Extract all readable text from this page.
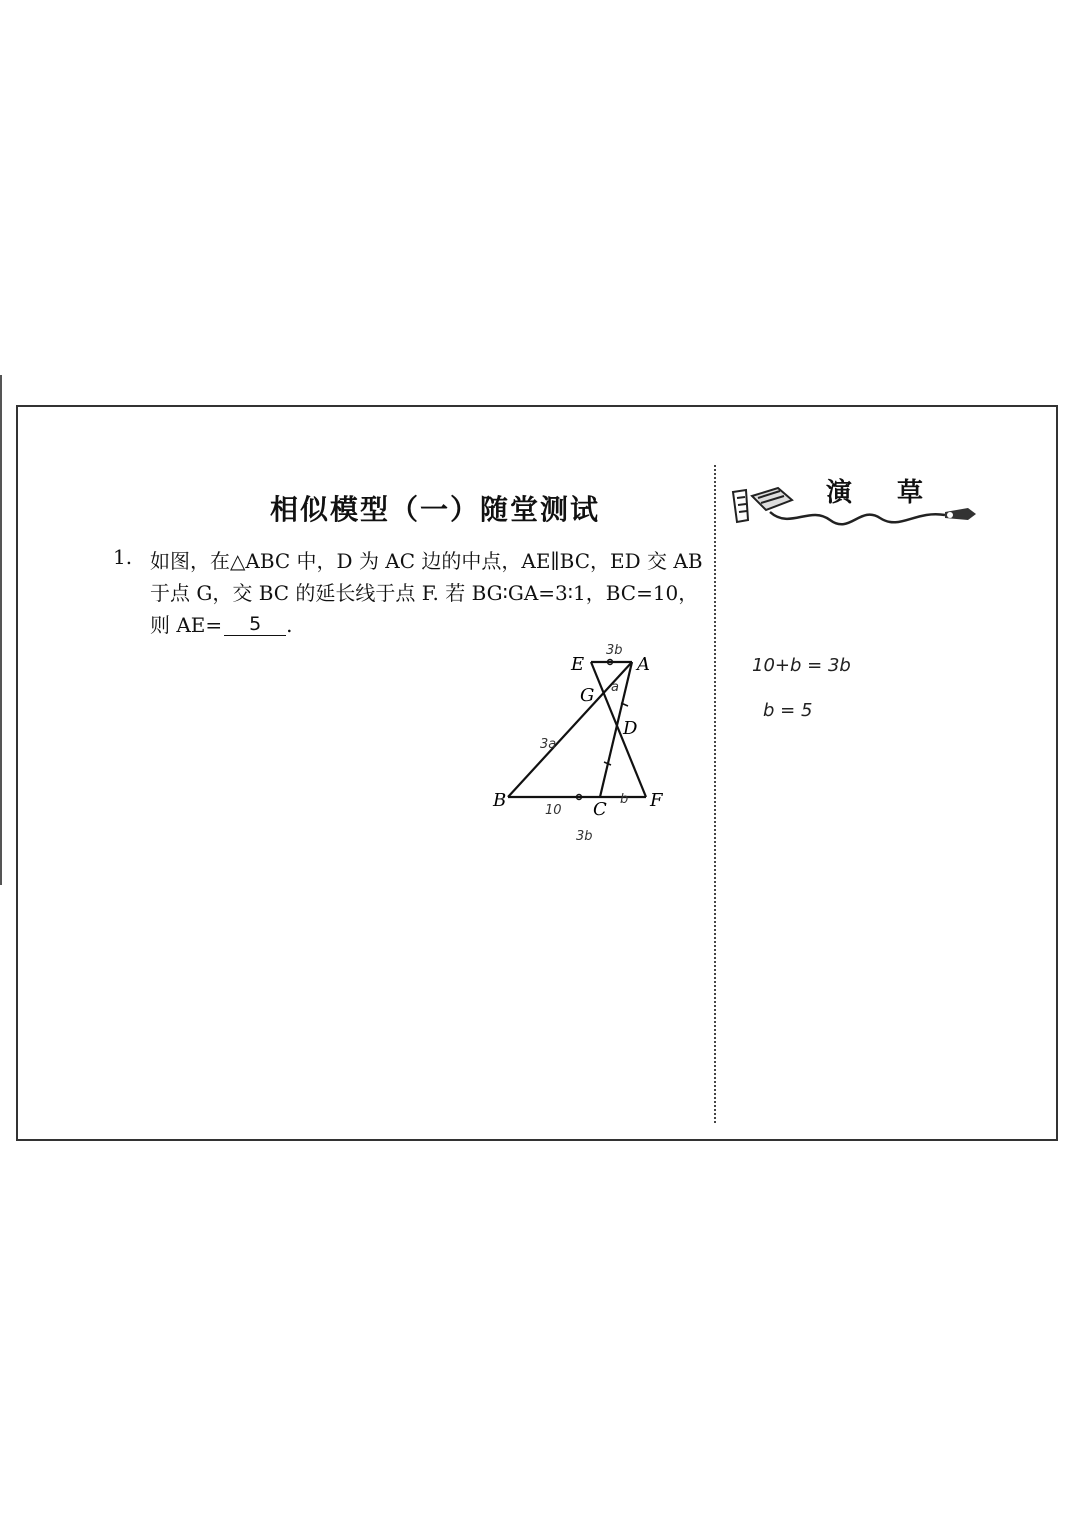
相似模型（一）随堂测试
1. 如图，在△ABC 中，D 为 AC 边的中点，AE∥BC，ED 交 AB
于点 G，交 BC 的延长线于点 F. 若 BG∶GA=3∶1，BC=10，
则 AE= 5 .
演 草
10+b = 3b
b = 5
E	A
G
D
B	C F
3b
a
3a
10
b
3b
